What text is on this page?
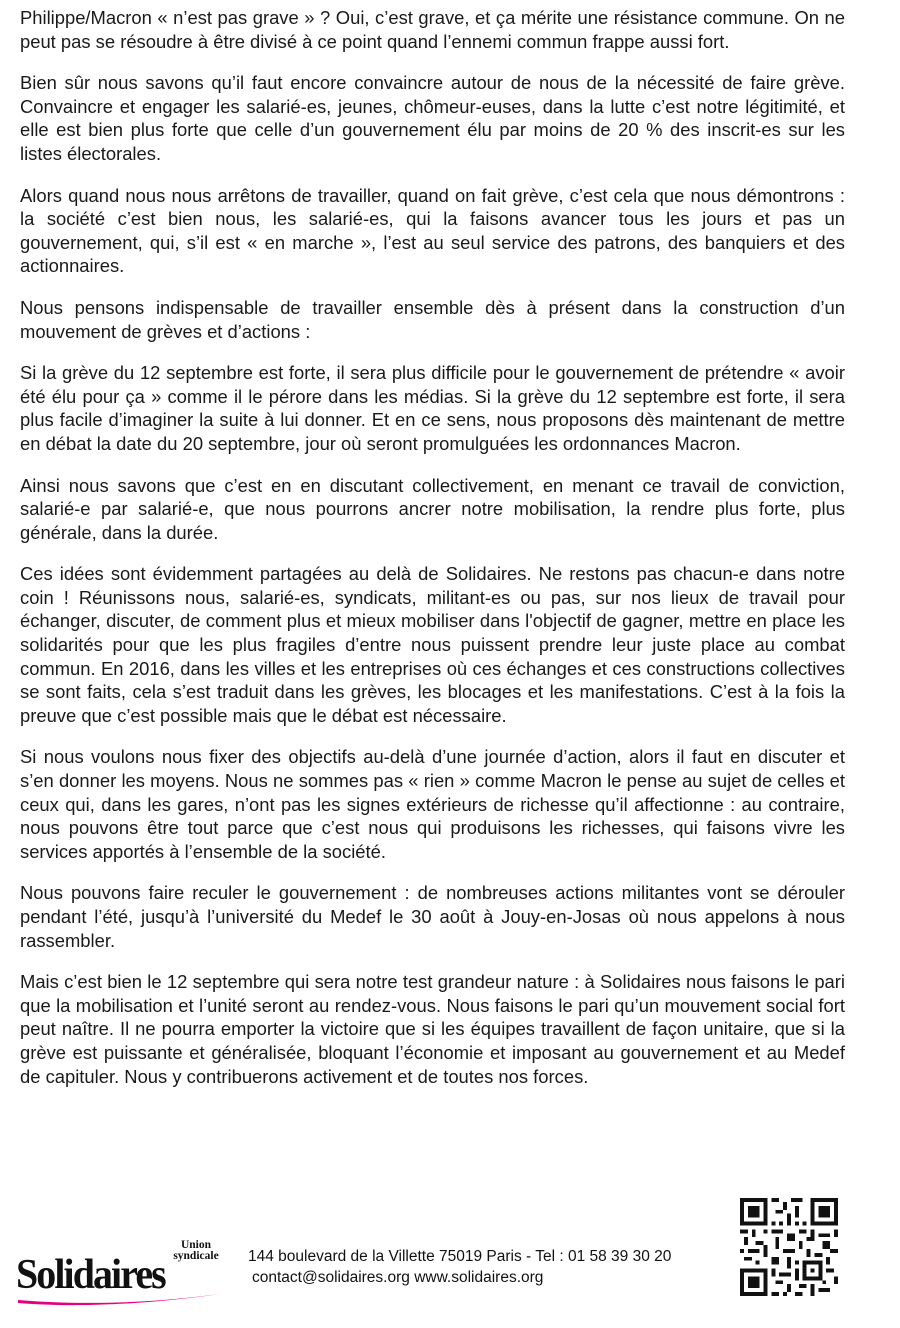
Philippe/Macron « n’est pas grave » ? Oui, c’est grave, et ça mérite une résistance commune. On ne peut pas se résoudre à être divisé à ce point quand l’ennemi commun frappe aussi fort.

Bien sûr nous savons qu’il faut encore convaincre autour de nous de la nécessité de faire grève. Convaincre et engager les salarié-es, jeunes, chômeur-euses, dans la lutte c’est notre légitimité, et elle est bien plus forte que celle d’un gouvernement élu par moins de 20 % des inscrit-es sur les listes électorales.

Alors quand nous nous arrêtons de travailler, quand on fait grève, c’est cela que nous démontrons : la société c’est bien nous, les salarié-es, qui la faisons avancer tous les jours et pas un gouvernement, qui, s’il est « en marche », l’est au seul service des patrons, des banquiers et des actionnaires.

Nous pensons indispensable de travailler ensemble dès à présent dans la construction d’un mouvement de grèves et d’actions :

Si la grève du 12 septembre est forte, il sera plus difficile pour le gouvernement de prétendre « avoir été élu pour ça » comme il le pérore dans les médias. Si la grève du 12 septembre est forte, il sera plus facile d’imaginer la suite à lui donner. Et en ce sens, nous proposons dès maintenant de mettre en débat la date du 20 septembre, jour où seront promulguées les ordonnances Macron.

Ainsi nous savons que c’est en en discutant collectivement, en menant ce travail de conviction, salarié-e par salarié-e, que nous pourrons ancrer notre mobilisation, la rendre plus forte, plus générale, dans la durée.

Ces idées sont évidemment partagées au delà de Solidaires. Ne restons pas chacun-e dans notre coin ! Réunissons nous, salarié-es, syndicats, militant-es ou pas, sur nos lieux de travail pour échanger, discuter, de comment plus et mieux mobiliser dans l'objectif de gagner, mettre en place les solidarités pour que les plus fragiles d’entre nous puissent prendre leur juste place au combat commun. En 2016, dans les villes et les entreprises où ces échanges et ces constructions collectives se sont faits, cela s’est traduit dans les grèves, les blocages et les manifestations. C’est à la fois la preuve que c’est possible mais que le débat est nécessaire.

Si nous voulons nous fixer des objectifs au-delà d’une journée d’action, alors il faut en discuter et s’en donner les moyens. Nous ne sommes pas « rien » comme Macron le pense au sujet de celles et ceux qui, dans les gares, n’ont pas les signes extérieurs de richesse qu’il affectionne : au contraire, nous pouvons être tout parce que c’est nous qui produisons les richesses, qui faisons vivre les services apportés à l’ensemble de la société.

Nous pouvons faire reculer le gouvernement : de nombreuses actions militantes vont se dérouler pendant l’été, jusqu’à l’université du Medef le 30 août à Jouy-en-Josas où nous appelons à nous rassembler.

Mais c’est bien le 12 septembre qui sera notre test grandeur nature : à Solidaires nous faisons le pari que la mobilisation et l’unité seront au rendez-vous. Nous faisons le pari qu’un mouvement social fort peut naître. Il ne pourra emporter la victoire que si les équipes travaillent de façon unitaire, que si la grève est puissante et généralisée, bloquant l’économie et imposant au gouvernement et au Medef de capituler. Nous y contribuerons activement et de toutes nos forces.

Union
syndicale
Solidaires	144 boulevard de la Villette 75019 Paris - Tel : 01 58 39 30 20
contact@solidaires.org www.solidaires.org
